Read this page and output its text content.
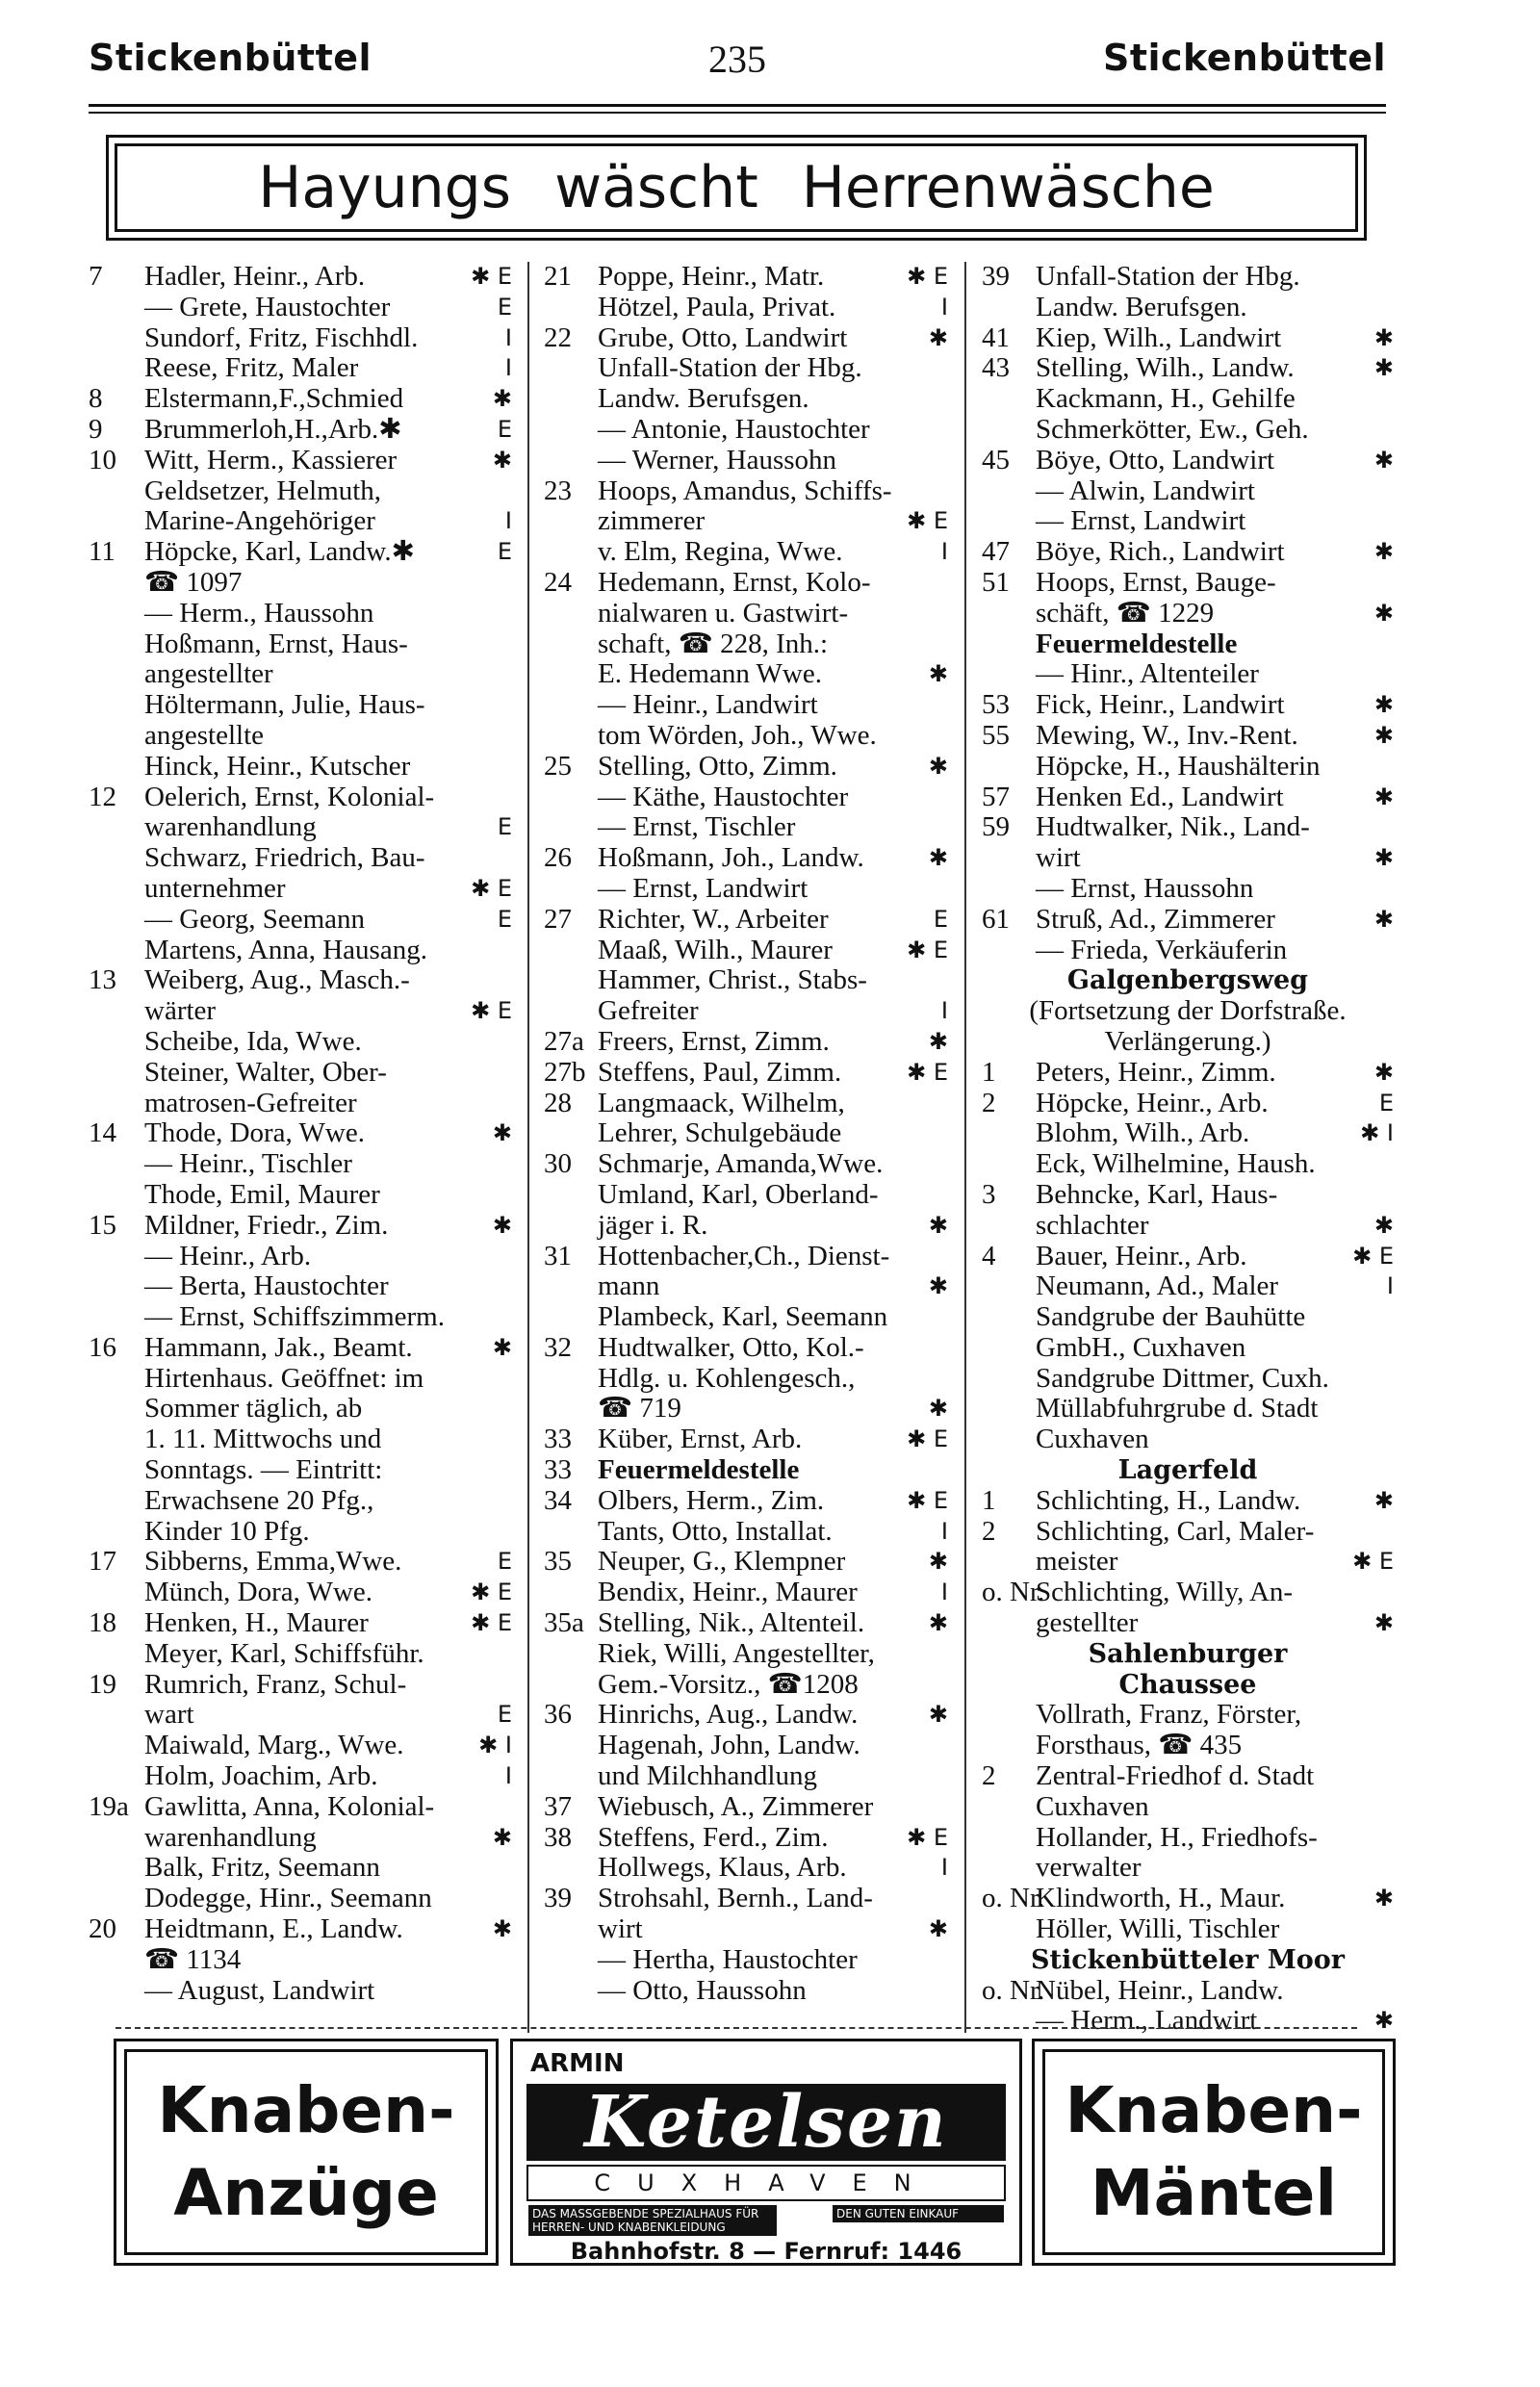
Stickenbüttel	235	Stickenbüttel
Hayungs wäscht Herrenwäsche
7 Hadler, Heinr., Arb.	✱ E
— Grete, Haustochter	E
Sundorf, Fritz, Fischhdl.	I
Reese, Fritz, Maler	I
8 Elstermann,F.,Schmied	✱
9 Brummerloh,H.,Arb.✱	E
10 Witt, Herm., Kassierer	✱
Geldsetzer, Helmuth,
Marine-Angehöriger	I
11 Höpcke, Karl, Landw.✱	E
☎ 1097
— Herm., Haussohn
Hoßmann, Ernst, Haus-
angestellter
Höltermann, Julie, Haus-
angestellte
Hinck, Heinr., Kutscher
12 Oelerich, Ernst, Kolonial-
warenhandlung	E
Schwarz, Friedrich, Bau-
unternehmer	✱ E
— Georg, Seemann	E
Martens, Anna, Hausang.
13 Weiberg, Aug., Masch.-
wärter	✱ E
Scheibe, Ida, Wwe.
Steiner, Walter, Ober-
matrosen-Gefreiter
14 Thode, Dora, Wwe.	✱
— Heinr., Tischler
Thode, Emil, Maurer
15 Mildner, Friedr., Zim.	✱
— Heinr., Arb.
— Berta, Haustochter
— Ernst, Schiffszimmerm.
16 Hammann, Jak., Beamt.	✱
Hirtenhaus. Geöffnet: im
Sommer täglich, ab
1. 11. Mittwochs und
Sonntags. — Eintritt:
Erwachsene 20 Pfg.,
Kinder 10 Pfg.
17 Sibberns, Emma,Wwe.	E
Münch, Dora, Wwe.	✱ E
18 Henken, H., Maurer	✱ E
Meyer, Karl, Schiffsführ.
19 Rumrich, Franz, Schul-
wart	E
Maiwald, Marg., Wwe.	✱ I
Holm, Joachim, Arb.	I
19a Gawlitta, Anna, Kolonial-
warenhandlung	✱
Balk, Fritz, Seemann
Dodegge, Hinr., Seemann
20 Heidtmann, E., Landw.	✱
☎ 1134
— August, Landwirt
21 Poppe, Heinr., Matr.	✱ E
Hötzel, Paula, Privat.	I
22 Grube, Otto, Landwirt	✱
Unfall-Station der Hbg.
Landw. Berufsgen.
— Antonie, Haustochter
— Werner, Haussohn
23 Hoops, Amandus, Schiffs-
zimmerer	✱ E
v. Elm, Regina, Wwe.	I
24 Hedemann, Ernst, Kolo-
nialwaren u. Gastwirt-
schaft, ☎ 228, Inh.:
E. Hedemann Wwe.	✱
— Heinr., Landwirt
tom Wörden, Joh., Wwe.
25 Stelling, Otto, Zimm.	✱
— Käthe, Haustochter
— Ernst, Tischler
26 Hoßmann, Joh., Landw.	✱
— Ernst, Landwirt
27 Richter, W., Arbeiter	E
Maaß, Wilh., Maurer	✱ E
Hammer, Christ., Stabs-
Gefreiter	I
27a Freers, Ernst, Zimm.	✱
27b Steffens, Paul, Zimm.	✱ E
28 Langmaack, Wilhelm,
Lehrer, Schulgebäude
30 Schmarje, Amanda,Wwe.
Umland, Karl, Oberland-
jäger i. R.	✱
31 Hottenbacher,Ch., Dienst-
mann	✱
Plambeck, Karl, Seemann
32 Hudtwalker, Otto, Kol.-
Hdlg. u. Kohlengesch.,
☎ 719	✱
33 Küber, Ernst, Arb.	✱ E
33 Feuermeldestelle
34 Olbers, Herm., Zim.	✱ E
Tants, Otto, Installat.	I
35 Neuper, G., Klempner	✱
Bendix, Heinr., Maurer	I
35a Stelling, Nik., Altenteil.	✱
Riek, Willi, Angestellter,
Gem.-Vorsitz., ☎1208
36 Hinrichs, Aug., Landw.	✱
Hagenah, John, Landw.
und Milchhandlung
37 Wiebusch, A., Zimmerer
38 Steffens, Ferd., Zim.	✱ E
Hollwegs, Klaus, Arb.	I
39 Strohsahl, Bernh., Land-
wirt	✱
— Hertha, Haustochter
— Otto, Haussohn
39 Unfall-Station der Hbg.
Landw. Berufsgen.
41 Kiep, Wilh., Landwirt	✱
43 Stelling, Wilh., Landw.	✱
Kackmann, H., Gehilfe
Schmerkötter, Ew., Geh.
45 Böye, Otto, Landwirt	✱
— Alwin, Landwirt
— Ernst, Landwirt
47 Böye, Rich., Landwirt	✱
51 Hoops, Ernst, Bauge-
schäft, ☎ 1229	✱
Feuermeldestelle
— Hinr., Altenteiler
53 Fick, Heinr., Landwirt	✱
55 Mewing, W., Inv.-Rent.	✱
Höpcke, H., Haushälterin
57 Henken Ed., Landwirt	✱
59 Hudtwalker, Nik., Land-
wirt	✱
— Ernst, Haussohn
61 Struß, Ad., Zimmerer	✱
— Frieda, Verkäuferin
Galgenbergsweg
(Fortsetzung der Dorfstraße.
Verlängerung.)
1 Peters, Heinr., Zimm.	✱
2 Höpcke, Heinr., Arb.	E
Blohm, Wilh., Arb.	✱ I
Eck, Wilhelmine, Haush.
3 Behncke, Karl, Haus-
schlachter	✱
4 Bauer, Heinr., Arb.	✱ E
Neumann, Ad., Maler	I
Sandgrube der Bauhütte
GmbH., Cuxhaven
Sandgrube Dittmer, Cuxh.
Müllabfuhrgrube d. Stadt
Cuxhaven
Lagerfeld
1 Schlichting, H., Landw.	✱
2 Schlichting, Carl, Maler-
meister	✱ E
o. Nr.
Schlichting, Willy, An-
gestellter	✱
Sahlenburger
Chaussee
Vollrath, Franz, Förster,
Forsthaus, ☎ 435
2 Zentral-Friedhof d. Stadt
Cuxhaven
Hollander, H., Friedhofs-
verwalter
o. Nr.
Klindworth, H., Maur.	✱
Höller, Willi, Tischler
Stickenbütteler Moor
o. Nr.
Nübel, Heinr., Landw.
— Herm., Landwirt	✱
Knaben-
Anzüge
ARMIN
Ketelsen
CUXHAVEN
DAS MASSGEBENDE SPEZIALHAUS FÜR HERREN- UND KNABENKLEIDUNG
DEN GUTEN EINKAUF
Bahnhofstr. 8 — Fernruf: 1446
Knaben-
Mäntel
